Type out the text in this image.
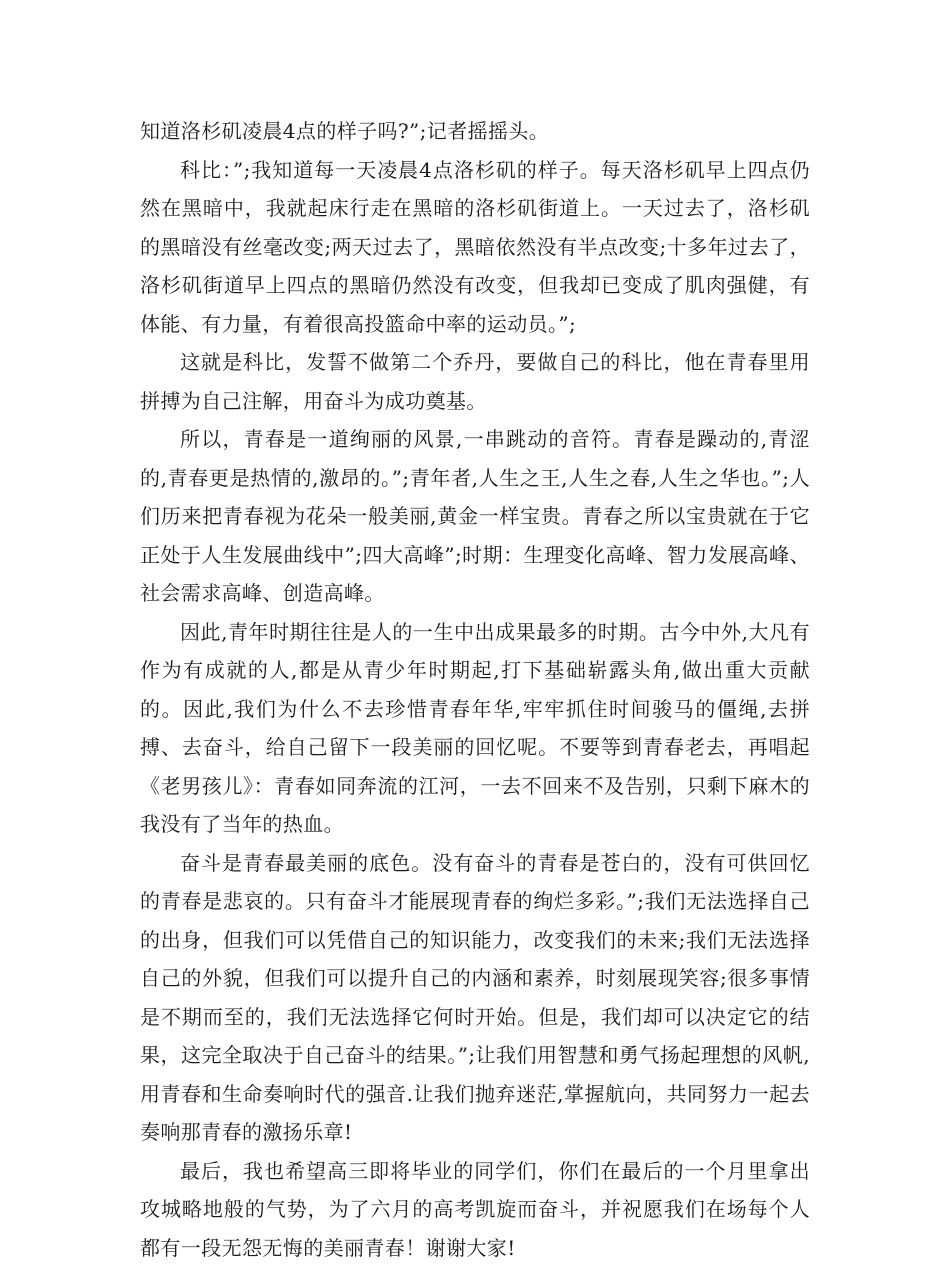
知道洛杉矶凌晨4点的样子吗?”;记者摇摇头。

科比：”;我知道每一天凌晨4点洛杉矶的样子。每天洛杉矶早上四点仍然在黑暗中，我就起床行走在黑暗的洛杉矶街道上。一天过去了，洛杉矶的黑暗没有丝毫改变;两天过去了，黑暗依然没有半点改变;十多年过去了，洛杉矶街道早上四点的黑暗仍然没有改变，但我却已变成了肌肉强健，有体能、有力量，有着很高投篮命中率的运动员。”;

这就是科比，发誓不做第二个乔丹，要做自己的科比，他在青春里用拼搏为自己注解，用奋斗为成功奠基。

所以，青春是一道绚丽的风景,一串跳动的音符。青春是躁动的,青涩的,青春更是热情的,激昂的。”;青年者,人生之王,人生之春,人生之华也。”;人们历来把青春视为花朵一般美丽,黄金一样宝贵。青春之所以宝贵就在于它正处于人生发展曲线中”;四大高峰”;时期：生理变化高峰、智力发展高峰、社会需求高峰、创造高峰。

因此,青年时期往往是人的一生中出成果最多的时期。古今中外,大凡有作为有成就的人,都是从青少年时期起,打下基础崭露头角,做出重大贡献的。因此,我们为什么不去珍惜青春年华,牢牢抓住时间骏马的僵绳,去拼搏、去奋斗，给自己留下一段美丽的回忆呢。不要等到青春老去，再唱起《老男孩儿》：青春如同奔流的江河，一去不回来不及告别，只剩下麻木的我没有了当年的热血。

奋斗是青春最美丽的底色。没有奋斗的青春是苍白的，没有可供回忆的青春是悲哀的。只有奋斗才能展现青春的绚烂多彩。”;我们无法选择自己的出身，但我们可以凭借自己的知识能力，改变我们的未来;我们无法选择自己的外貌，但我们可以提升自己的内涵和素养，时刻展现笑容;很多事情是不期而至的，我们无法选择它何时开始。但是，我们却可以决定它的结果，这完全取决于自己奋斗的结果。”;让我们用智慧和勇气扬起理想的风帆,用青春和生命奏响时代的强音.让我们抛弃迷茫,掌握航向，共同努力一起去奏响那青春的激扬乐章!

最后，我也希望高三即将毕业的同学们，你们在最后的一个月里拿出攻城略地般的气势，为了六月的高考凯旋而奋斗，并祝愿我们在场每个人都有一段无怨无悔的美丽青春！谢谢大家!
